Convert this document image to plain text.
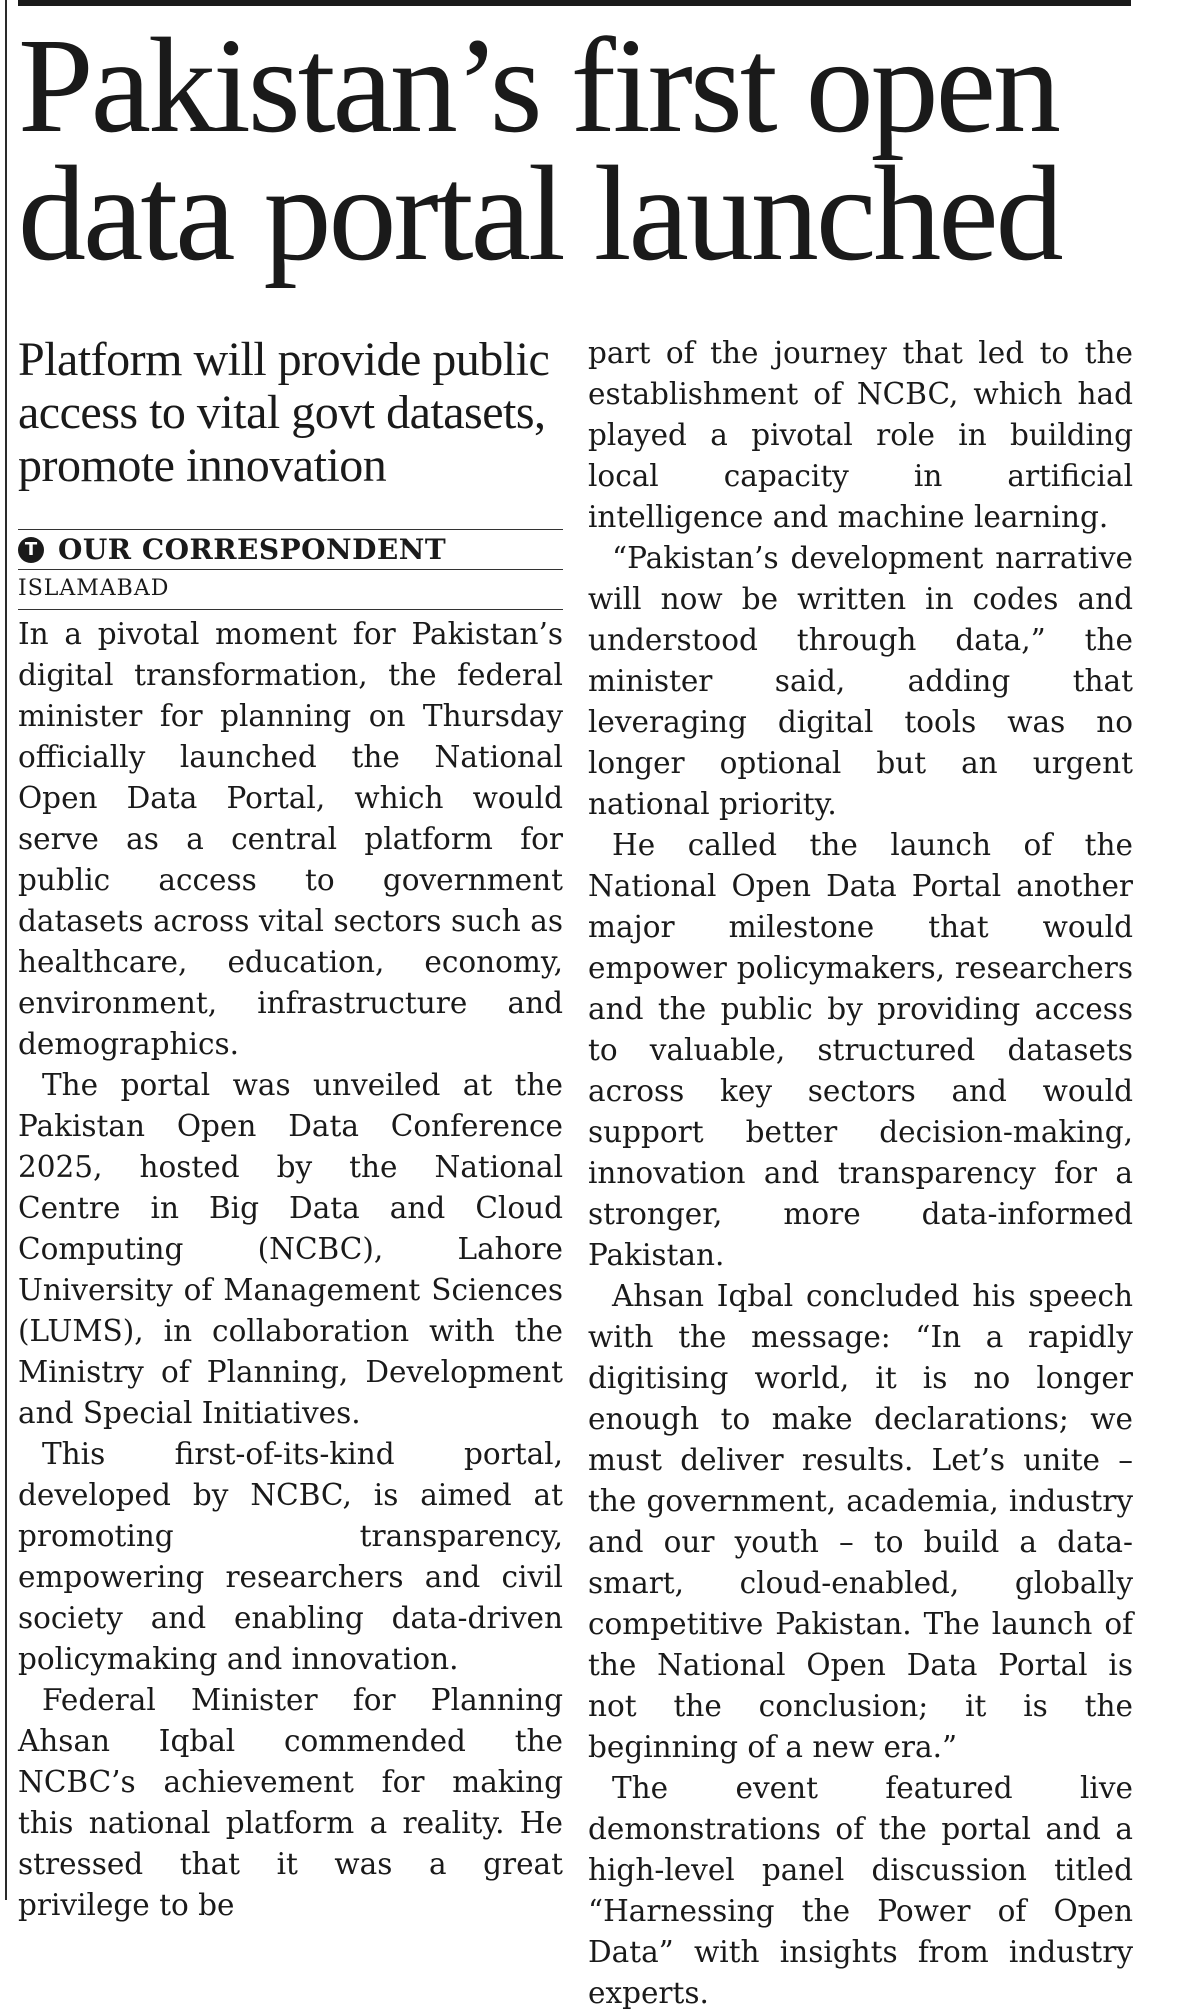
Pakistan’s first open data portal launched
Platform will provide public access to vital govt datasets, promote innovation
T OUR CORRESPONDENT
ISLAMABAD

In a pivotal moment for Pakistan’s digital transformation, the federal minister for planning on Thursday officially launched the National Open Data Portal, which would serve as a central platform for public access to government datasets across vital sectors such as healthcare, education, economy, environment, infrastructure and demographics.

The portal was unveiled at the Pakistan Open Data Conference 2025, hosted by the National Centre in Big Data and Cloud Computing (NCBC), Lahore University of Management Sciences (LUMS), in collaboration with the Ministry of Planning, Development and Special Initiatives.

This first-of-its-kind portal, developed by NCBC, is aimed at promoting transparency, empowering researchers and civil society and enabling data-driven policymaking and innovation.

Federal Minister for Planning Ahsan Iqbal commended the NCBC’s achievement for making this national platform a reality. He stressed that it was a great privilege to be

part of the journey that led to the establishment of NCBC, which had played a pivotal role in building local capacity in artificial intelligence and machine learning.

“Pakistan’s development narrative will now be written in codes and understood through data,” the minister said, adding that leveraging digital tools was no longer optional but an urgent national priority.

He called the launch of the National Open Data Portal another major milestone that would empower policymakers, researchers and the public by providing access to valuable, structured datasets across key sectors and would support better decision-making, innovation and transparency for a stronger, more data-informed Pakistan.

Ahsan Iqbal concluded his speech with the message: “In a rapidly digitising world, it is no longer enough to make declarations; we must deliver results. Let’s unite – the government, academia, industry and our youth – to build a data-smart, cloud-enabled, globally competitive Pakistan. The launch of the National Open Data Portal is not the conclusion; it is the beginning of a new era.”

The event featured live demonstrations of the portal and a high-level panel discussion titled “Harnessing the Power of Open Data” with insights from industry experts.
